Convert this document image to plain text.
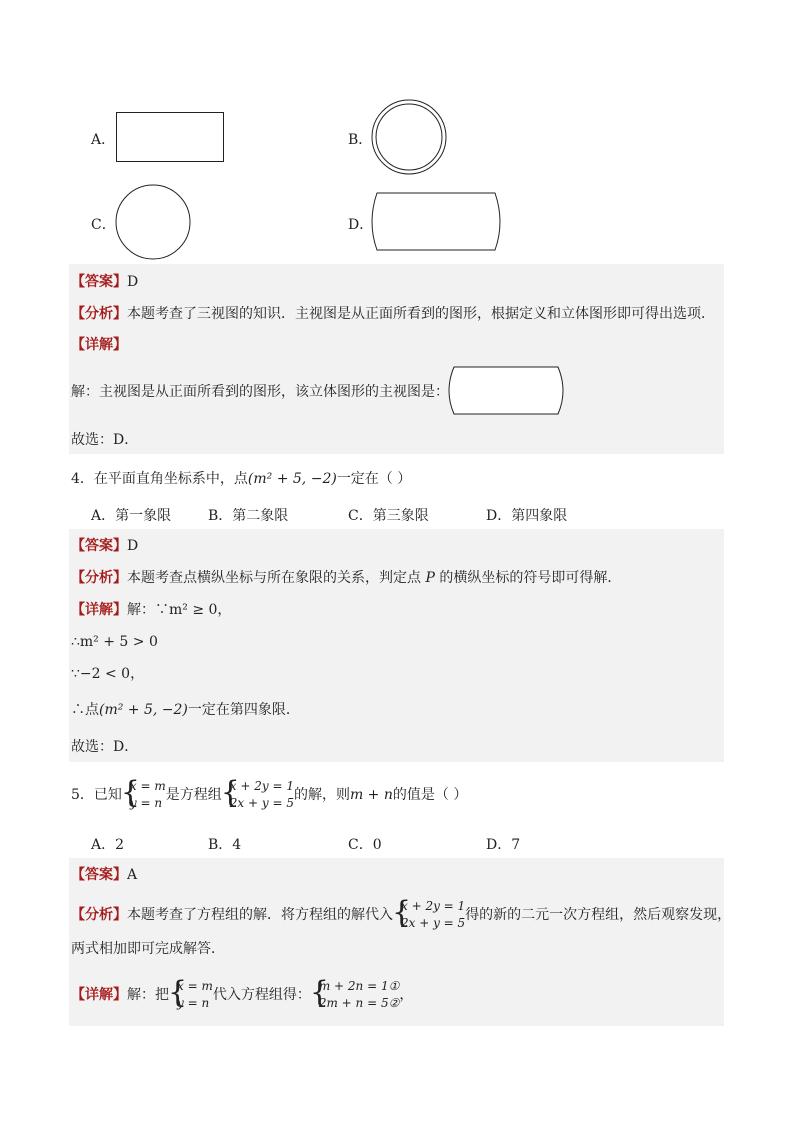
A．	B．
C．	D．
【答案】D
【分析】本题考查了三视图的知识．主视图是从正面所看到的图形，根据定义和立体图形即可得出选项．
【详解】
解：主视图是从正面所看到的图形，该立体图形的主视图是：
故选：D．
4．在平面直角坐标系中，点(m² + 5, −2)一定在（ ）
A．第一象限	B．第二象限	C．第三象限	D．第四象限
【答案】D
【分析】本题考查点横纵坐标与所在象限的关系，判定点 P 的横纵坐标的符号即可得解．
【详解】解：∵m² ≥ 0，
∴m² + 5 > 0
∵−2 < 0，
∴点(m² + 5, −2)一定在第四象限．
故选：D．
5．已知{ x = m
y = n 是方程组{ x + 2y = 1
2x + y = 5的解，则m + n的值是（ ）
A．2	B．4	C．0	D．7
【答案】A
【分析】本题考查了方程组的解．将方程组的解代入{ x + 2y = 1
2x + y = 5得的新的二元一次方程组，然后观察发现，
两式相加即可完成解答．
【详解】解：把{ x = m
y = n 代入方程组得：{ m + 2n = 1①
2m + n = 5②，
